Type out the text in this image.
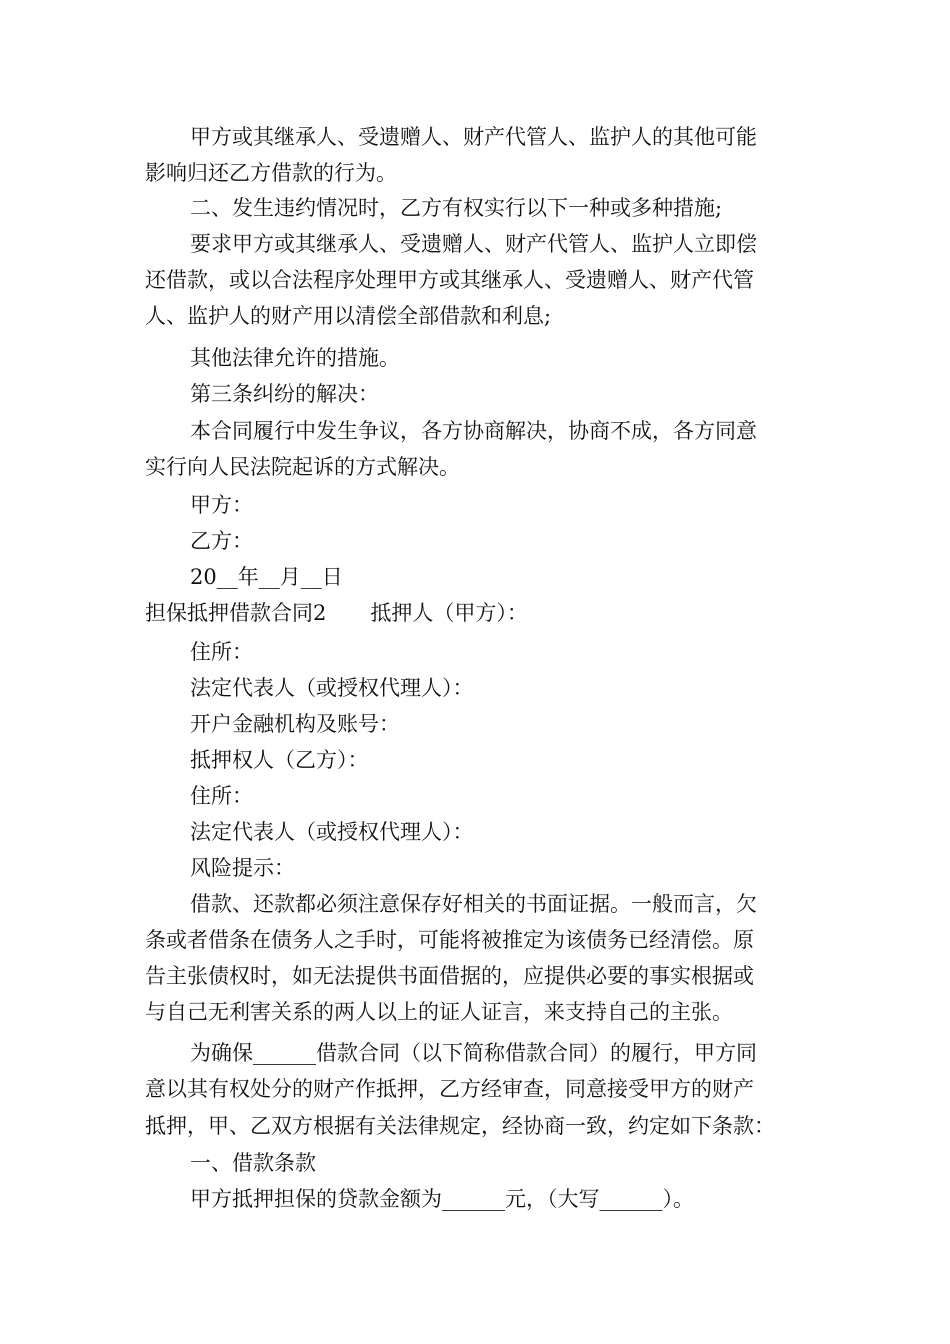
甲方或其继承人、受遗赠人、财产代管人、监护人的其他可能
影响归还乙方借款的行为。
二、发生违约情况时，乙方有权实行以下一种或多种措施;
要求甲方或其继承人、受遗赠人、财产代管人、监护人立即偿
还借款，或以合法程序处理甲方或其继承人、受遗赠人、财产代管
人、监护人的财产用以清偿全部借款和利息;
其他法律允许的措施。
第三条纠纷的解决：
本合同履行中发生争议，各方协商解决，协商不成，各方同意
实行向人民法院起诉的方式解决。
甲方：
乙方：
20__年__月__日
担保抵押借款合同2 抵押人（甲方）：
住所：
法定代表人（或授权代理人）：
开户金融机构及账号：
抵押权人（乙方）：
住所：
法定代表人（或授权代理人）：
风险提示：
借款、还款都必须注意保存好相关的书面证据。一般而言，欠
条或者借条在债务人之手时，可能将被推定为该债务已经清偿。原
告主张债权时，如无法提供书面借据的，应提供必要的事实根据或
与自己无利害关系的两人以上的证人证言，来支持自己的主张。
为确保______借款合同（以下简称借款合同）的履行，甲方同
意以其有权处分的财产作抵押，乙方经审查，同意接受甲方的财产
抵押，甲、乙双方根据有关法律规定，经协商一致，约定如下条款：
一、借款条款
甲方抵押担保的贷款金额为______元，（大写______）。
